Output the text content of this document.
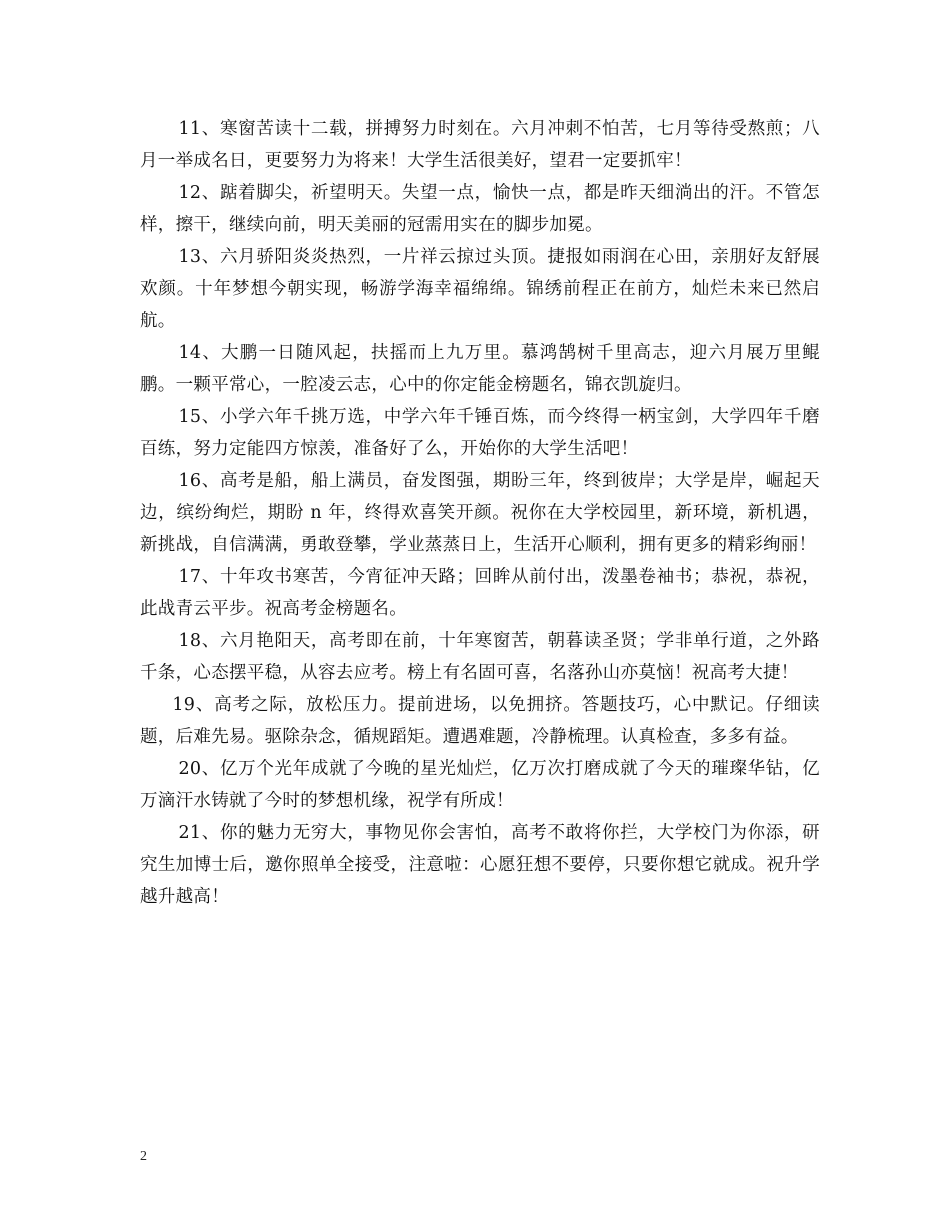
11、寒窗苦读十二载，拼搏努力时刻在。六月冲刺不怕苦，七月等待受熬煎；八月一举成名日，更要努力为将来！大学生活很美好，望君一定要抓牢！

12、踮着脚尖，祈望明天。失望一点，愉快一点，都是昨天细淌出的汗。不管怎样，擦干，继续向前，明天美丽的冠需用实在的脚步加冕。

13、六月骄阳炎炎热烈，一片祥云掠过头顶。捷报如雨润在心田，亲朋好友舒展欢颜。十年梦想今朝实现，畅游学海幸福绵绵。锦绣前程正在前方，灿烂未来已然启航。

14、大鹏一日随风起，扶摇而上九万里。慕鸿鹄树千里高志，迎六月展万里鲲鹏。一颗平常心，一腔凌云志，心中的你定能金榜题名，锦衣凯旋归。

15、小学六年千挑万选，中学六年千锤百炼，而今终得一柄宝剑，大学四年千磨百练，努力定能四方惊羡，准备好了么，开始你的大学生活吧！

16、高考是船，船上满员，奋发图强，期盼三年，终到彼岸；大学是岸，崛起天边，缤纷绚烂，期盼 n 年，终得欢喜笑开颜。祝你在大学校园里，新环境，新机遇，新挑战，自信满满，勇敢登攀，学业蒸蒸日上，生活开心顺利，拥有更多的精彩绚丽！

17、十年攻书寒苦，今宵征冲天路；回眸从前付出，泼墨卷袖书；恭祝，恭祝，此战青云平步。祝高考金榜题名。

18、六月艳阳天，高考即在前，十年寒窗苦，朝暮读圣贤；学非单行道，之外路千条，心态摆平稳，从容去应考。榜上有名固可喜，名落孙山亦莫恼！祝高考大捷！

19、高考之际，放松压力。提前进场，以免拥挤。答题技巧，心中默记。仔细读题，后难先易。驱除杂念，循规蹈矩。遭遇难题，冷静梳理。认真检查，多多有益。

20、亿万个光年成就了今晚的星光灿烂，亿万次打磨成就了今天的璀璨华钻，亿万滴汗水铸就了今时的梦想机缘，祝学有所成！

21、你的魅力无穷大，事物见你会害怕，高考不敢将你拦，大学校门为你添，研究生加博士后，邀你照单全接受，注意啦：心愿狂想不要停，只要你想它就成。祝升学越升越高！

2
